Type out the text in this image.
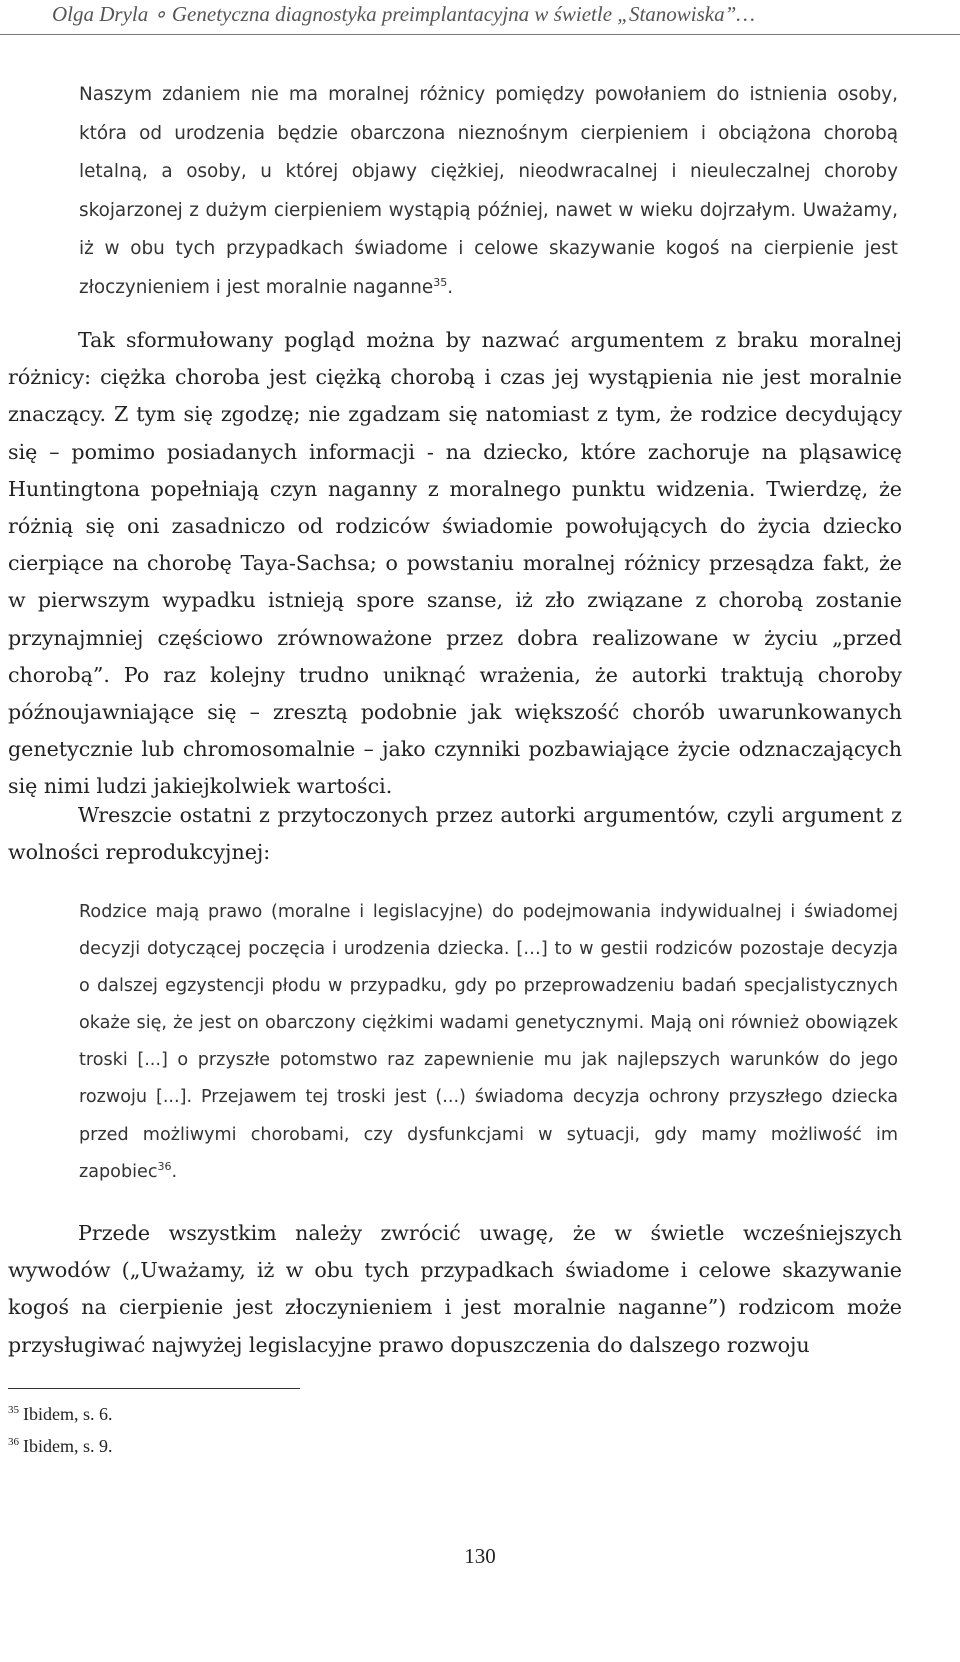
Olga Dryla ∘ Genetyczna diagnostyka preimplantacyjna w świetle „Stanowiska”…

Naszym zdaniem nie ma moralnej różnicy pomiędzy powołaniem do istnienia osoby, która od urodzenia będzie obarczona nieznośnym cierpieniem i obciążona chorobą letalną, a osoby, u której objawy ciężkiej, nieodwracalnej i nieuleczalnej choroby skojarzonej z dużym cierpieniem wystąpią później, nawet w wieku dojrzałym. Uważamy, iż w obu tych przypadkach świadome i celowe skazywanie kogoś na cierpienie jest złoczynieniem i jest moralnie naganne$^{35}$.

Tak sformułowany pogląd można by nazwać argumentem z braku moralnej różnicy: ciężka choroba jest ciężką chorobą i czas jej wystąpienia nie jest moralnie znaczący. Z tym się zgodzę; nie zgadzam się natomiast z tym, że rodzice decydujący się – pomimo posiadanych informacji - na dziecko, które zachoruje na pląsawicę Huntingtona popełniają czyn naganny z moralnego punktu widzenia. Twierdzę, że różnią się oni zasadniczo od rodziców świadomie powołujących do życia dziecko cierpiące na chorobę Taya-Sachsa; o powstaniu moralnej różnicy przesądza fakt, że w pierwszym wypadku istnieją spore szanse, iż zło związane z chorobą zostanie przynajmniej częściowo zrównoważone przez dobra realizowane w życiu „przed chorobą”. Po raz kolejny trudno uniknąć wrażenia, że autorki traktują choroby późnoujawniające się – zresztą podobnie jak większość chorób uwarunkowanych genetycznie lub chromosomalnie – jako czynniki pozbawiające życie odznaczających się nimi ludzi jakiejkolwiek wartości.

Wreszcie ostatni z przytoczonych przez autorki argumentów, czyli argument z wolności reprodukcyjnej:

Rodzice mają prawo (moralne i legislacyjne) do podejmowania indywidualnej i świadomej decyzji dotyczącej poczęcia i urodzenia dziecka. […] to w gestii rodziców pozostaje decyzja o dalszej egzystencji płodu w przypadku, gdy po przeprowadzeniu badań specjalistycznych okaże się, że jest on obarczony ciężkimi wadami genetycznymi. Mają oni również obowiązek troski [...] o przyszłe potomstwo raz zapewnienie mu jak najlepszych warunków do jego rozwoju [...]. Przejawem tej troski jest (...) świadoma decyzja ochrony przyszłego dziecka przed możliwymi chorobami, czy dysfunkcjami w sytuacji, gdy mamy możliwość im zapobiec$^{36}$.

Przede wszystkim należy zwrócić uwagę, że w świetle wcześniejszych wywodów („Uważamy, iż w obu tych przypadkach świadome i celowe skazywanie kogoś na cierpienie jest złoczynieniem i jest moralnie naganne”) rodzicom może przysługiwać najwyżej legislacyjne prawo dopuszczenia do dalszego rozwoju

$^{35}$ Ibidem, s. 6.
$^{36}$ Ibidem, s. 9.
130
